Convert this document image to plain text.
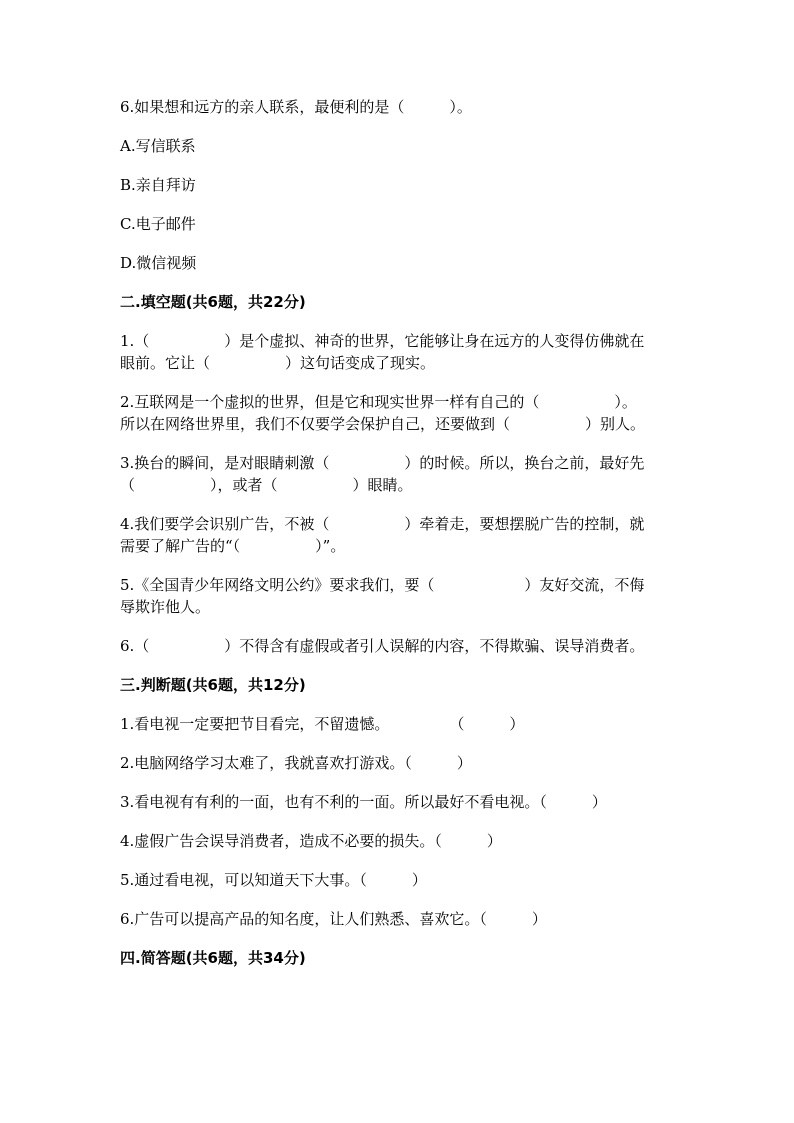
6.如果想和远方的亲人联系，最便利的是（　　　）。

A.写信联系

B.亲自拜访

C.电子邮件

D.微信视频

二.填空题(共6题，共22分)

1.（　　　　　）是个虚拟、神奇的世界，它能够让身在远方的人变得仿佛就在

眼前。它让（　　　　　）这句话变成了现实。

2.互联网是一个虚拟的世界，但是它和现实世界一样有自己的（　　　　　）。

所以在网络世界里，我们不仅要学会保护自己，还要做到（　　　　　）别人。

3.换台的瞬间，是对眼睛刺激（　　　　　）的时候。所以，换台之前，最好先

（　　　　　），或者（　　　　　）眼睛。

4.我们要学会识别广告，不被（　　　　　）牵着走，要想摆脱广告的控制，就

需要了解广告的“（　　　　　）”。

5.《全国青少年网络文明公约》要求我们，要（　　　　　　）友好交流，不侮

辱欺诈他人。

6.（　　　　　）不得含有虚假或者引人误解的内容，不得欺骗、误导消费者。

三.判断题(共6题，共12分)

1.看电视一定要把节目看完，不留遗憾。　　　　　（　　　）

2.电脑网络学习太难了，我就喜欢打游戏。（　　　）

3.看电视有有利的一面，也有不利的一面。所以最好不看电视。（　　　）

4.虚假广告会误导消费者，造成不必要的损失。（　　　）

5.通过看电视，可以知道天下大事。（　　　）

6.广告可以提高产品的知名度，让人们熟悉、喜欢它。（　　　）

四.简答题(共6题，共34分)
